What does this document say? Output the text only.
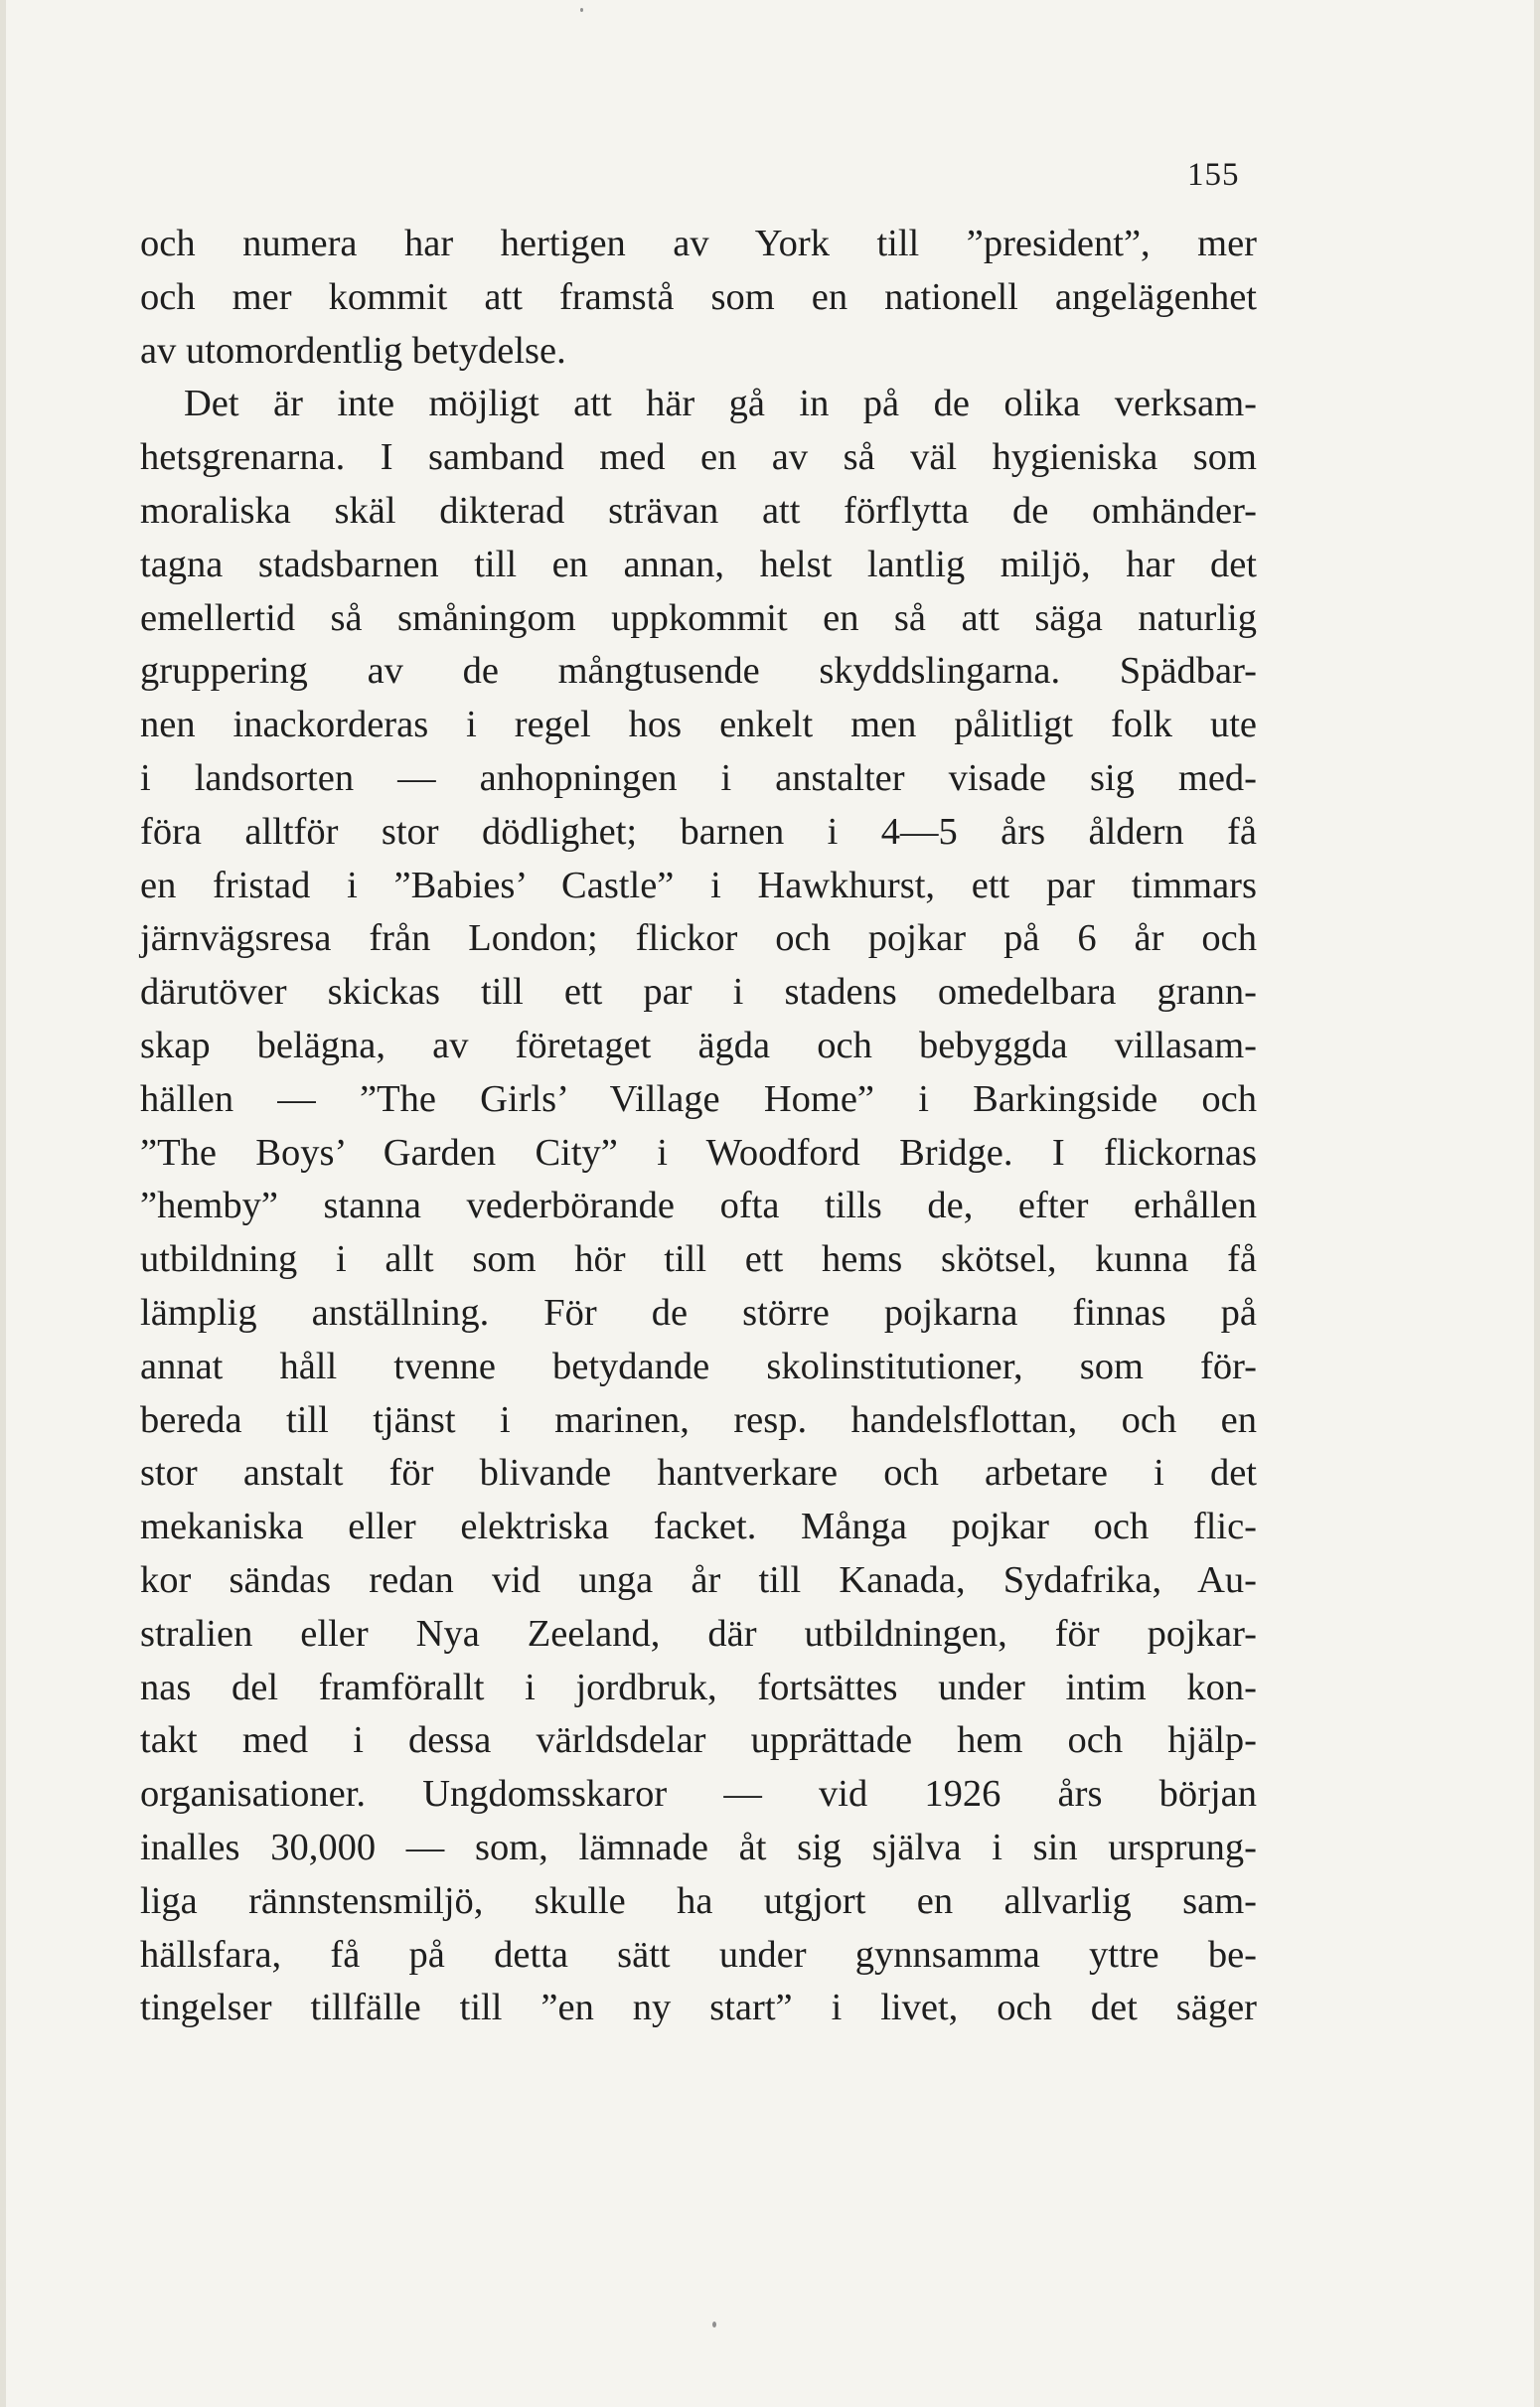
155
och numera har hertigen av York till ”president”, mer
och mer kommit att framstå som en nationell angelägenhet
av utomordentlig betydelse.
Det är inte möjligt att här gå in på de olika verksam-
hetsgrenarna. I samband med en av så väl hygieniska som
moraliska skäl dikterad strävan att förflytta de omhänder-
tagna stadsbarnen till en annan, helst lantlig miljö, har det
emellertid så småningom uppkommit en så att säga naturlig
gruppering av de mångtusende skyddslingarna. Spädbar-
nen inackorderas i regel hos enkelt men pålitligt folk ute
i landsorten — anhopningen i anstalter visade sig med-
föra alltför stor dödlighet; barnen i 4—5 års åldern få
en fristad i ”Babies’ Castle” i Hawkhurst, ett par timmars
järnvägsresa från London; flickor och pojkar på 6 år och
därutöver skickas till ett par i stadens omedelbara grann-
skap belägna, av företaget ägda och bebyggda villasam-
hällen — ”The Girls’ Village Home” i Barkingside och
”The Boys’ Garden City” i Woodford Bridge. I flickornas
”hemby” stanna vederbörande ofta tills de, efter erhållen
utbildning i allt som hör till ett hems skötsel, kunna få
lämplig anställning. För de större pojkarna finnas på
annat håll tvenne betydande skolinstitutioner, som för-
bereda till tjänst i marinen, resp. handelsflottan, och en
stor anstalt för blivande hantverkare och arbetare i det
mekaniska eller elektriska facket. Många pojkar och flic-
kor sändas redan vid unga år till Kanada, Sydafrika, Au-
stralien eller Nya Zeeland, där utbildningen, för pojkar-
nas del framförallt i jordbruk, fortsättes under intim kon-
takt med i dessa världsdelar upprättade hem och hjälp-
organisationer. Ungdomsskaror — vid 1926 års början
inalles 30,000 — som, lämnade åt sig själva i sin ursprung-
liga rännstensmiljö, skulle ha utgjort en allvarlig sam-
hällsfara, få på detta sätt under gynnsamma yttre be-
tingelser tillfälle till ”en ny start” i livet, och det säger
